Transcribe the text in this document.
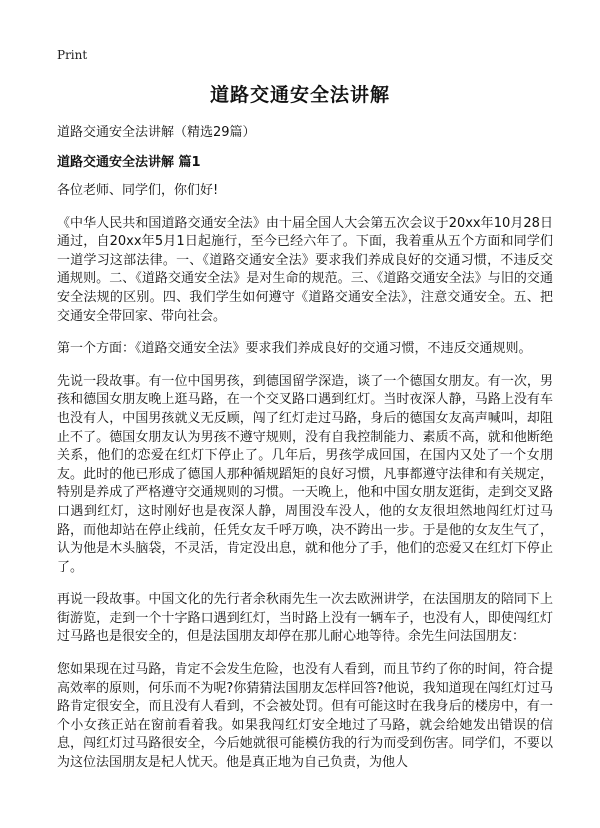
Print
道路交通安全法讲解

道路交通安全法讲解（精选29篇）

道路交通安全法讲解 篇1

各位老师、同学们，你们好!

《中华人民共和国道路交通安全法》由十届全国人大会第五次会议于20xx年10月28日通过，自20xx年5月1日起施行，至今已经六年了。下面，我着重从五个方面和同学们一道学习这部法律。一、《道路交通安全法》要求我们养成良好的交通习惯，不违反交通规则。二、《道路交通安全法》是对生命的规范。三、《道路交通安全法》与旧的交通安全法规的区别。四、我们学生如何遵守《道路交通安全法》，注意交通安全。五、把交通安全带回家、带向社会。

第一个方面：《道路交通安全法》要求我们养成良好的交通习惯，不违反交通规则。

先说一段故事。有一位中国男孩，到德国留学深造，谈了一个德国女朋友。有一次，男孩和德国女朋友晚上逛马路，在一个交叉路口遇到红灯。当时夜深人静，马路上没有车也没有人，中国男孩就义无反顾，闯了红灯走过马路，身后的德国女友高声喊叫，却阻止不了。德国女朋友认为男孩不遵守规则，没有自我控制能力、素质不高，就和他断绝关系，他们的恋爱在红灯下停止了。几年后，男孩学成回国，在国内又处了一个女朋友。此时的他已形成了德国人那种循规蹈矩的良好习惯，凡事都遵守法律和有关规定，特别是养成了严格遵守交通规则的习惯。一天晚上，他和中国女朋友逛街，走到交叉路口遇到红灯，这时刚好也是夜深人静，周围没车没人，他的女友很坦然地闯红灯过马路，而他却站在停止线前，任凭女友千呼万唤，决不跨出一步。于是他的女友生气了，认为他是木头脑袋，不灵活，肯定没出息，就和他分了手，他们的恋爱又在红灯下停止了。

再说一段故事。中国文化的先行者余秋雨先生一次去欧洲讲学，在法国朋友的陪同下上街游览，走到一个十字路口遇到红灯，当时路上没有一辆车子，也没有人，即使闯红灯过马路也是很安全的，但是法国朋友却停在那儿耐心地等待。余先生问法国朋友：

您如果现在过马路，肯定不会发生危险，也没有人看到，而且节约了你的时间，符合提高效率的原则，何乐而不为呢?你猜猜法国朋友怎样回答?他说，我知道现在闯红灯过马路肯定很安全，而且没有人看到，不会被处罚。但有可能这时在我身后的楼房中，有一个小女孩正站在窗前看着我。如果我闯红灯安全地过了马路，就会给她发出错误的信息，闯红灯过马路很安全，今后她就很可能模仿我的行为而受到伤害。同学们，不要以为这位法国朋友是杞人忧天。他是真正地为自己负责，为他人
